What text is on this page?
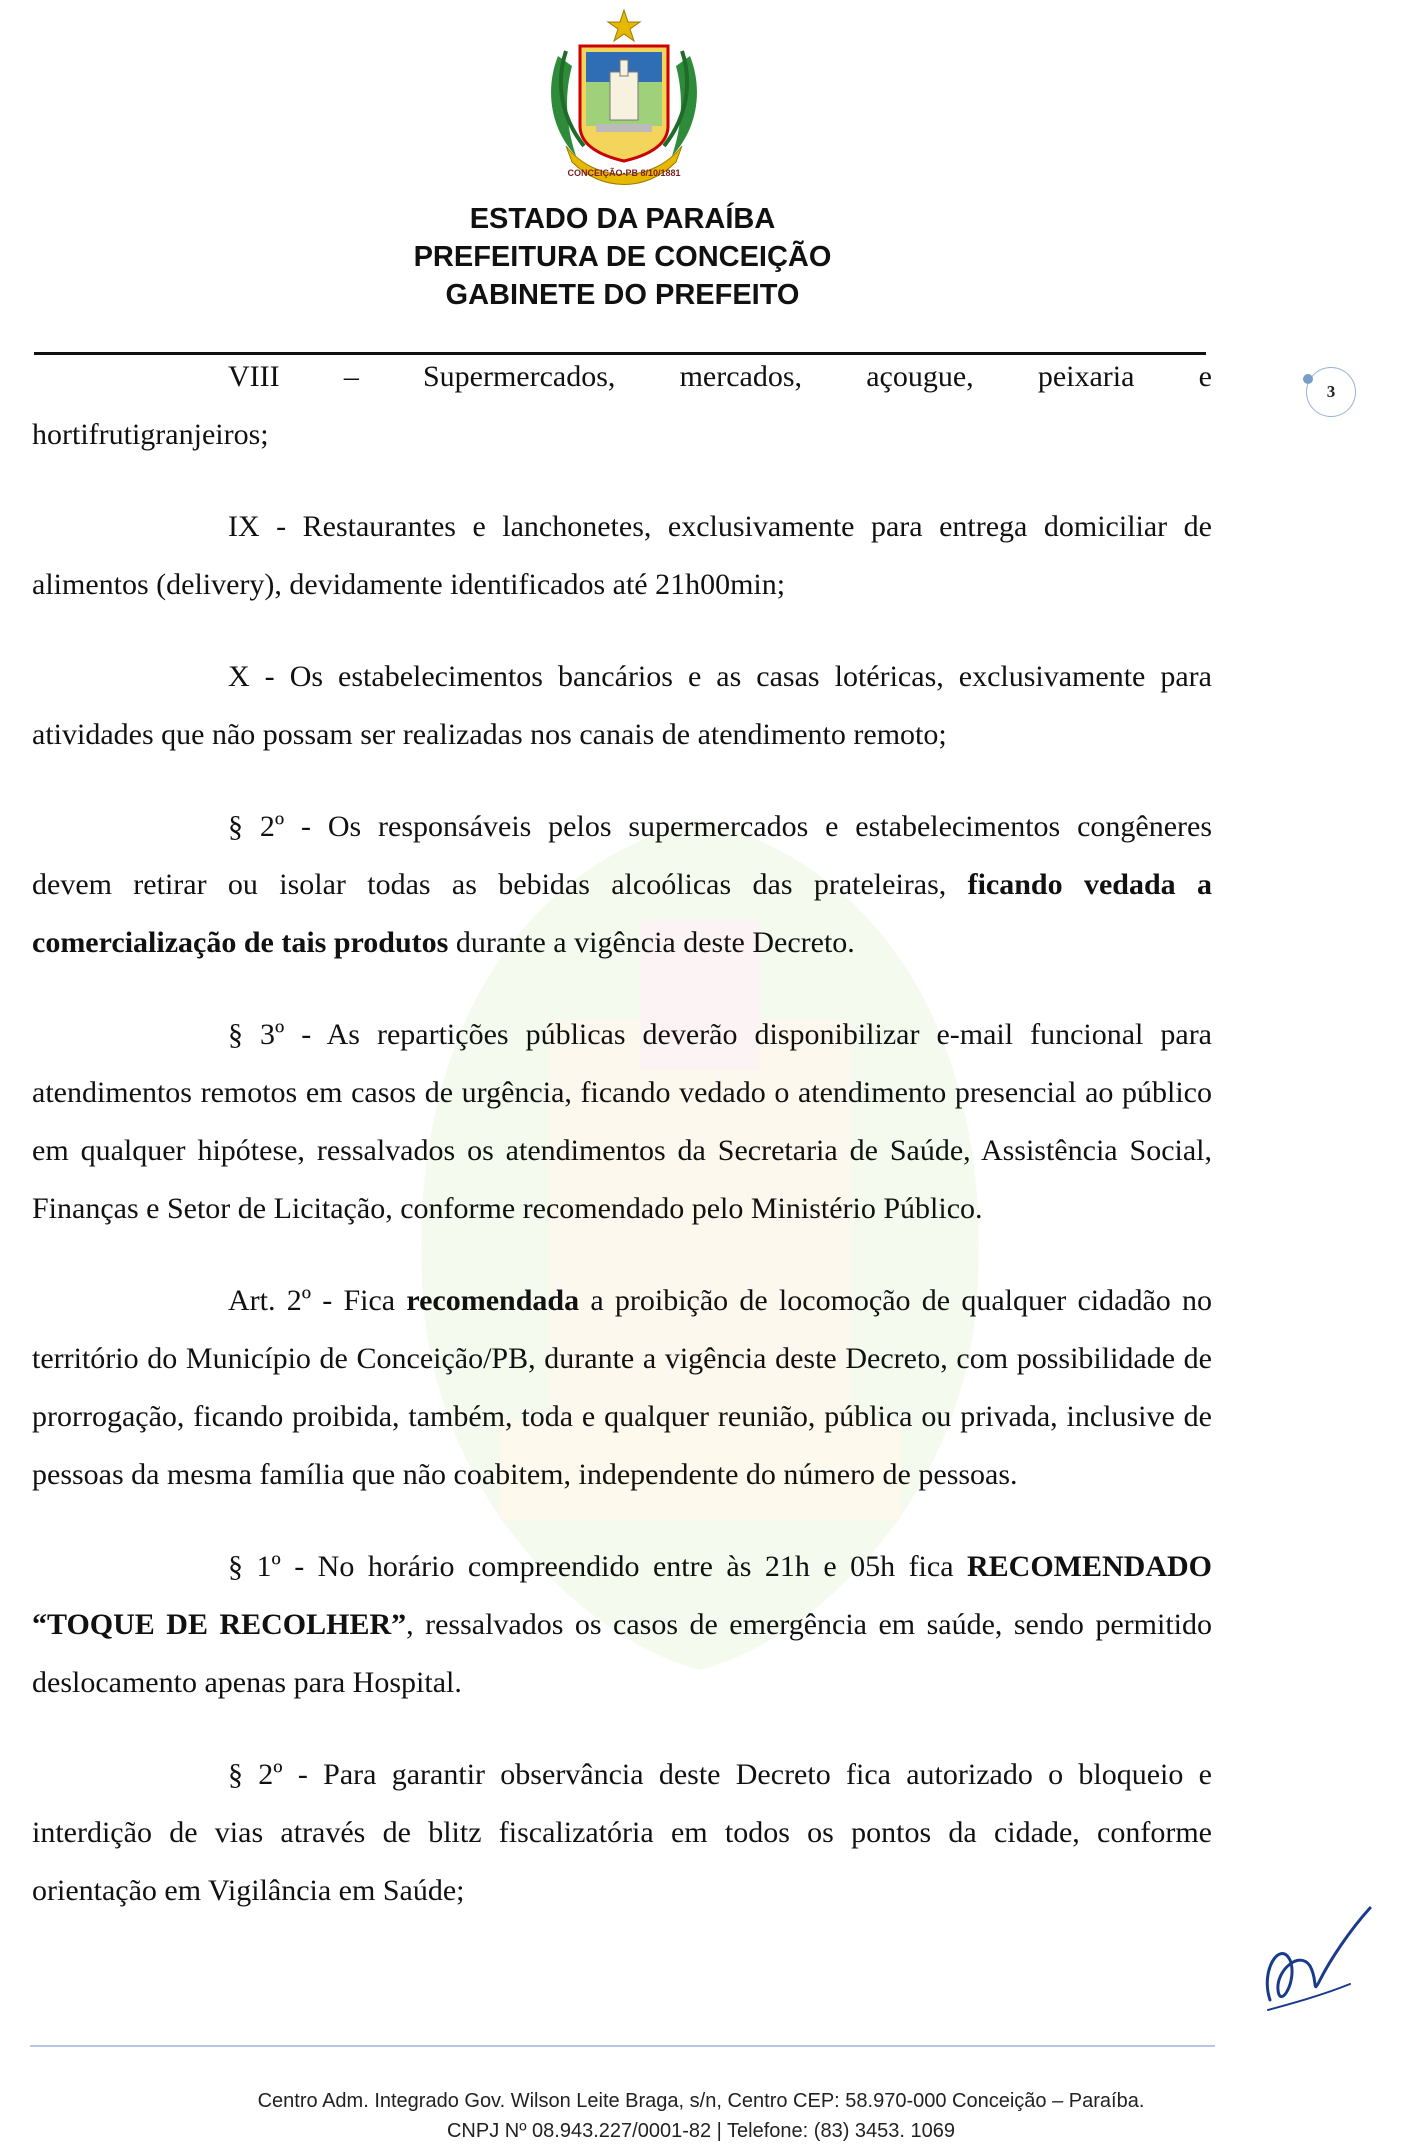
CONCEIÇÃO-PB 8/10/1881
ESTADO DA PARAÍBA
PREFEITURA DE CONCEIÇÃO
GABINETE DO PREFEITO
3
VIII – Supermercados, mercados, açougue, peixaria e
hortifrutigranjeiros;

IX - Restaurantes e lanchonetes, exclusivamente para entrega domiciliar de alimentos (delivery), devidamente identificados até 21h00min;

X - Os estabelecimentos bancários e as casas lotéricas, exclusivamente para atividades que não possam ser realizadas nos canais de atendimento remoto;

§ 2º - Os responsáveis pelos supermercados e estabelecimentos congêneres devem retirar ou isolar todas as bebidas alcoólicas das prateleiras, ficando vedada a comercialização de tais produtos durante a vigência deste Decreto.

§ 3º - As repartições públicas deverão disponibilizar e-mail funcional para atendimentos remotos em casos de urgência, ficando vedado o atendimento presencial ao público em qualquer hipótese, ressalvados os atendimentos da Secretaria de Saúde, Assistência Social, Finanças e Setor de Licitação, conforme recomendado pelo Ministério Público.

Art. 2º - Fica recomendada a proibição de locomoção de qualquer cidadão no território do Município de Conceição/PB, durante a vigência deste Decreto, com possibilidade de prorrogação, ficando proibida, também, toda e qualquer reunião, pública ou privada, inclusive de pessoas da mesma família que não coabitem, independente do número de pessoas.

§ 1º - No horário compreendido entre às 21h e 05h fica RECOMENDADO “TOQUE DE RECOLHER”, ressalvados os casos de emergência em saúde, sendo permitido deslocamento apenas para Hospital.

§ 2º - Para garantir observância deste Decreto fica autorizado o bloqueio e interdição de vias através de blitz fiscalizatória em todos os pontos da cidade, conforme orientação em Vigilância em Saúde;

Centro Adm. Integrado Gov. Wilson Leite Braga, s/n, Centro CEP: 58.970-000 Conceição – Paraíba.
CNPJ Nº 08.943.227/0001-82 | Telefone: (83) 3453. 1069
